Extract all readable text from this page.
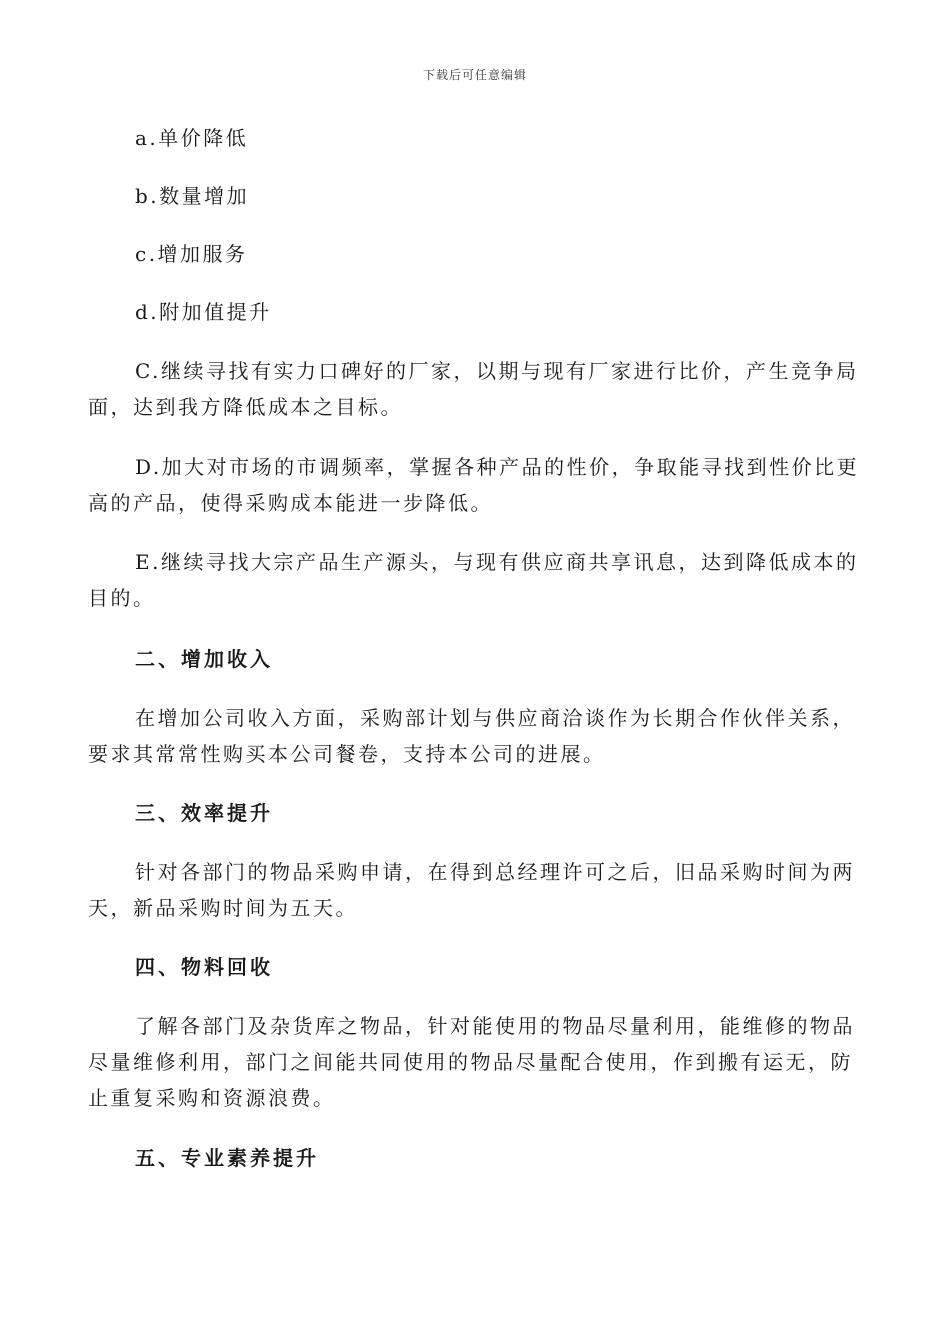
下载后可任意编辑
a.单价降低
b.数量增加
c.增加服务
d.附加值提升
C.继续寻找有实力口碑好的厂家，以期与现有厂家进行比价，产生竞争局
面，达到我方降低成本之目标。
D.加大对市场的市调频率，掌握各种产品的性价，争取能寻找到性价比更
高的产品，使得采购成本能进一步降低。
E.继续寻找大宗产品生产源头，与现有供应商共享讯息，达到降低成本的
目的。
二、增加收入
在增加公司收入方面，采购部计划与供应商洽谈作为长期合作伙伴关系，
要求其常常性购买本公司餐卷，支持本公司的进展。
三、效率提升
针对各部门的物品采购申请，在得到总经理许可之后，旧品采购时间为两
天，新品采购时间为五天。
四、物料回收
了解各部门及杂货库之物品，针对能使用的物品尽量利用，能维修的物品
尽量维修利用，部门之间能共同使用的物品尽量配合使用，作到搬有运无，防
止重复采购和资源浪费。
五、专业素养提升
